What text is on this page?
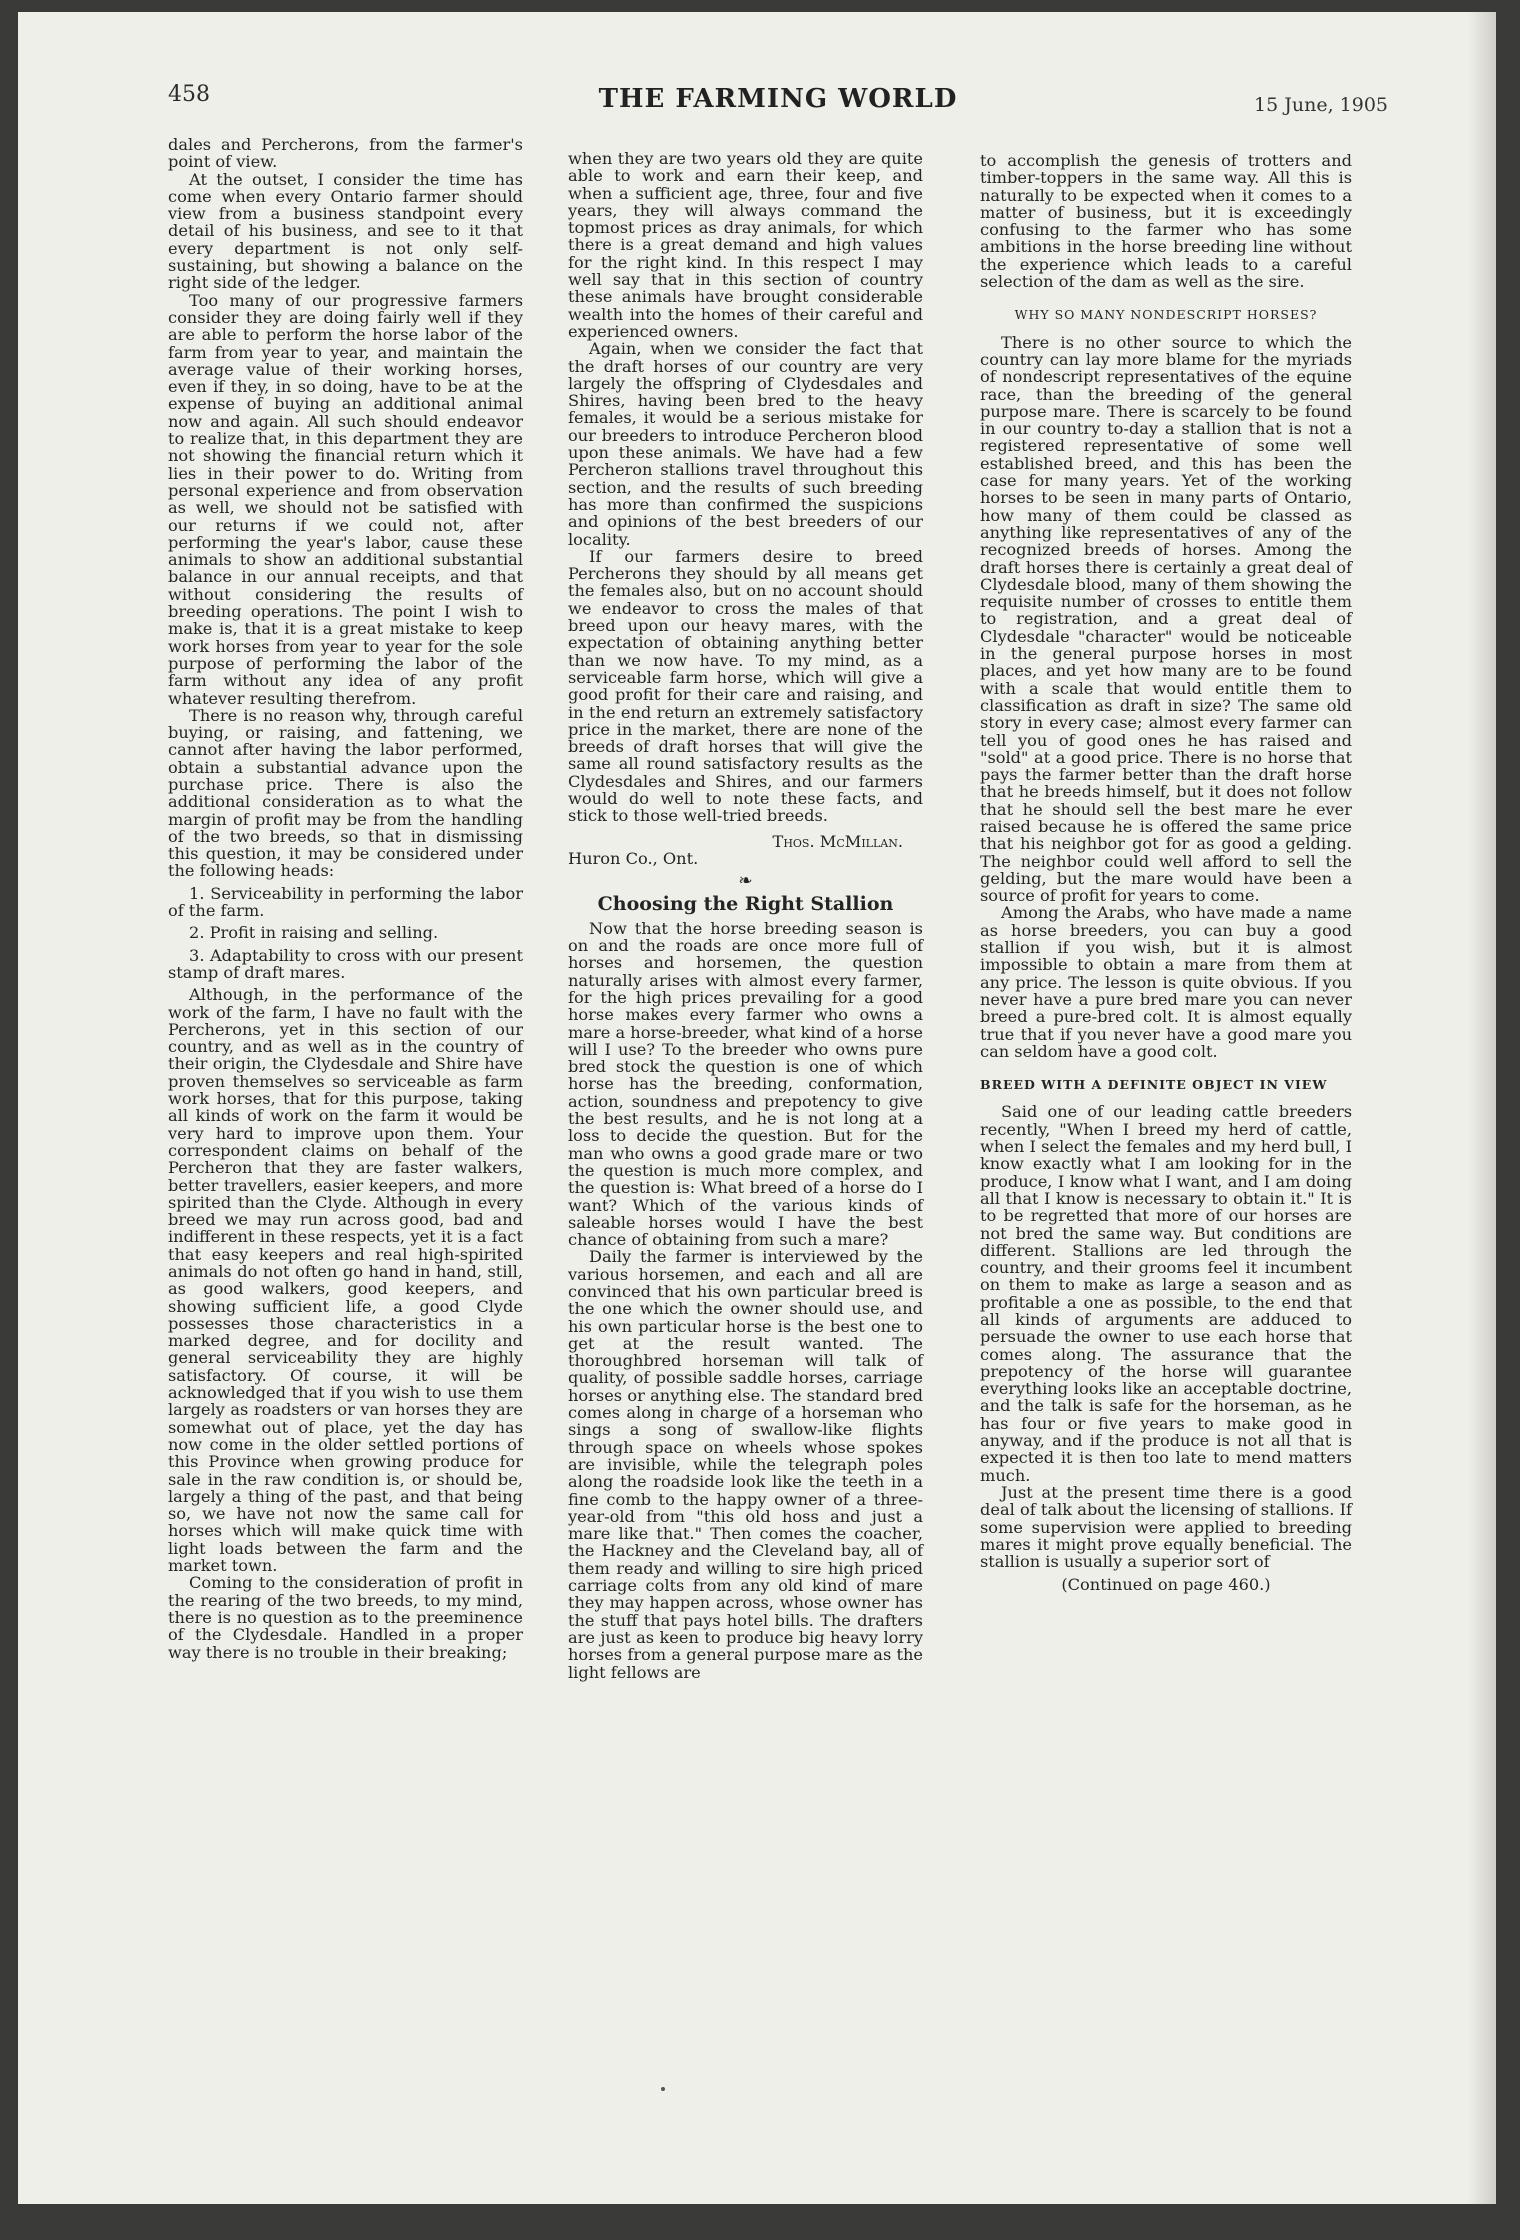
458	THE FARMING WORLD	15 June, 1905

dales and Percherons, from the farmer's point of view.

At the outset, I consider the time has come when every Ontario farmer should view from a business standpoint every detail of his business, and see to it that every department is not only self-sustaining, but showing a balance on the right side of the ledger.

Too many of our progressive farmers consider they are doing fairly well if they are able to perform the horse labor of the farm from year to year, and maintain the average value of their working horses, even if they, in so doing, have to be at the expense of buying an additional animal now and again. All such should endeavor to realize that, in this department they are not showing the financial return which it lies in their power to do. Writing from personal experience and from observation as well, we should not be satisfied with our returns if we could not, after performing the year's labor, cause these animals to show an additional substantial balance in our annual receipts, and that without considering the results of breeding operations. The point I wish to make is, that it is a great mistake to keep work horses from year to year for the sole purpose of performing the labor of the farm without any idea of any profit whatever resulting therefrom.

There is no reason why, through careful buying, or raising, and fattening, we cannot after having the labor performed, obtain a substantial advance upon the purchase price. There is also the additional consideration as to what the margin of profit may be from the handling of the two breeds, so that in dismissing this question, it may be considered under the following heads:

1. Serviceability in performing the labor of the farm.

2. Profit in raising and selling.

3. Adaptability to cross with our present stamp of draft mares.

Although, in the performance of the work of the farm, I have no fault with the Percherons, yet in this section of our country, and as well as in the country of their origin, the Clydesdale and Shire have proven themselves so serviceable as farm work horses, that for this purpose, taking all kinds of work on the farm it would be very hard to improve upon them. Your correspondent claims on behalf of the Percheron that they are faster walkers, better travellers, easier keepers, and more spirited than the Clyde. Although in every breed we may run across good, bad and indifferent in these respects, yet it is a fact that easy keepers and real high-spirited animals do not often go hand in hand, still, as good walkers, good keepers, and showing sufficient life, a good Clyde possesses those characteristics in a marked degree, and for docility and general serviceability they are highly satisfactory. Of course, it will be acknowledged that if you wish to use them largely as roadsters or van horses they are somewhat out of place, yet the day has now come in the older settled portions of this Province when growing produce for sale in the raw condition is, or should be, largely a thing of the past, and that being so, we have not now the same call for horses which will make quick time with light loads between the farm and the market town.

Coming to the consideration of profit in the rearing of the two breeds, to my mind, there is no question as to the preeminence of the Clydesdale. Handled in a proper way there is no trouble in their breaking;

when they are two years old they are quite able to work and earn their keep, and when a sufficient age, three, four and five years, they will always command the topmost prices as dray animals, for which there is a great demand and high values for the right kind. In this respect I may well say that in this section of country these animals have brought considerable wealth into the homes of their careful and experienced owners.

Again, when we consider the fact that the draft horses of our country are very largely the offspring of Clydesdales and Shires, having been bred to the heavy females, it would be a serious mistake for our breeders to introduce Percheron blood upon these animals. We have had a few Percheron stallions travel throughout this section, and the results of such breeding has more than confirmed the suspicions and opinions of the best breeders of our locality.

If our farmers desire to breed Percherons they should by all means get the females also, but on no account should we endeavor to cross the males of that breed upon our heavy mares, with the expectation of obtaining anything better than we now have. To my mind, as a serviceable farm horse, which will give a good profit for their care and raising, and in the end return an extremely satisfactory price in the market, there are none of the breeds of draft horses that will give the same all round satisfactory results as the Clydesdales and Shires, and our farmers would do well to note these facts, and stick to those well-tried breeds.

Thos. McMillan.

Huron Co., Ont.

❧
Choosing the Right Stallion

Now that the horse breeding season is on and the roads are once more full of horses and horsemen, the question naturally arises with almost every farmer, for the high prices prevailing for a good horse makes every farmer who owns a mare a horse-breeder, what kind of a horse will I use? To the breeder who owns pure bred stock the question is one of which horse has the breeding, conformation, action, soundness and prepotency to give the best results, and he is not long at a loss to decide the question. But for the man who owns a good grade mare or two the question is much more complex, and the question is: What breed of a horse do I want? Which of the various kinds of saleable horses would I have the best chance of obtaining from such a mare?

Daily the farmer is interviewed by the various horsemen, and each and all are convinced that his own particular breed is the one which the owner should use, and his own particular horse is the best one to get at the result wanted. The thoroughbred horseman will talk of quality, of possible saddle horses, carriage horses or anything else. The standard bred comes along in charge of a horseman who sings a song of swallow-like flights through space on wheels whose spokes are invisible, while the telegraph poles along the roadside look like the teeth in a fine comb to the happy owner of a three-year-old from "this old hoss and just a mare like that." Then comes the coacher, the Hackney and the Cleveland bay, all of them ready and willing to sire high priced carriage colts from any old kind of mare they may happen across, whose owner has the stuff that pays hotel bills. The drafters are just as keen to produce big heavy lorry horses from a general purpose mare as the light fellows are

to accomplish the genesis of trotters and timber-toppers in the same way. All this is naturally to be expected when it comes to a matter of business, but it is exceedingly confusing to the farmer who has some ambitions in the horse breeding line without the experience which leads to a careful selection of the dam as well as the sire.

WHY SO MANY NONDESCRIPT HORSES?

There is no other source to which the country can lay more blame for the myriads of nondescript representatives of the equine race, than the breeding of the general purpose mare. There is scarcely to be found in our country to-day a stallion that is not a registered representative of some well established breed, and this has been the case for many years. Yet of the working horses to be seen in many parts of Ontario, how many of them could be classed as anything like representatives of any of the recognized breeds of horses. Among the draft horses there is certainly a great deal of Clydesdale blood, many of them showing the requisite number of crosses to entitle them to registration, and a great deal of Clydesdale "character" would be noticeable in the general purpose horses in most places, and yet how many are to be found with a scale that would entitle them to classification as draft in size? The same old story in every case; almost every farmer can tell you of good ones he has raised and "sold" at a good price. There is no horse that pays the farmer better than the draft horse that he breeds himself, but it does not follow that he should sell the best mare he ever raised because he is offered the same price that his neighbor got for as good a gelding. The neighbor could well afford to sell the gelding, but the mare would have been a source of profit for years to come.

Among the Arabs, who have made a name as horse breeders, you can buy a good stallion if you wish, but it is almost impossible to obtain a mare from them at any price. The lesson is quite obvious. If you never have a pure bred mare you can never breed a pure-bred colt. It is almost equally true that if you never have a good mare you can seldom have a good colt.

BREED WITH A DEFINITE OBJECT IN VIEW

Said one of our leading cattle breeders recently, "When I breed my herd of cattle, when I select the females and my herd bull, I know exactly what I am looking for in the produce, I know what I want, and I am doing all that I know is necessary to obtain it." It is to be regretted that more of our horses are not bred the same way. But conditions are different. Stallions are led through the country, and their grooms feel it incumbent on them to make as large a season and as profitable a one as possible, to the end that all kinds of arguments are adduced to persuade the owner to use each horse that comes along. The assurance that the prepotency of the horse will guarantee everything looks like an acceptable doctrine, and the talk is safe for the horseman, as he has four or five years to make good in anyway, and if the produce is not all that is expected it is then too late to mend matters much.

Just at the present time there is a good deal of talk about the licensing of stallions. If some supervision were applied to breeding mares it might prove equally beneficial. The stallion is usually a superior sort of

(Continued on page 460.)
